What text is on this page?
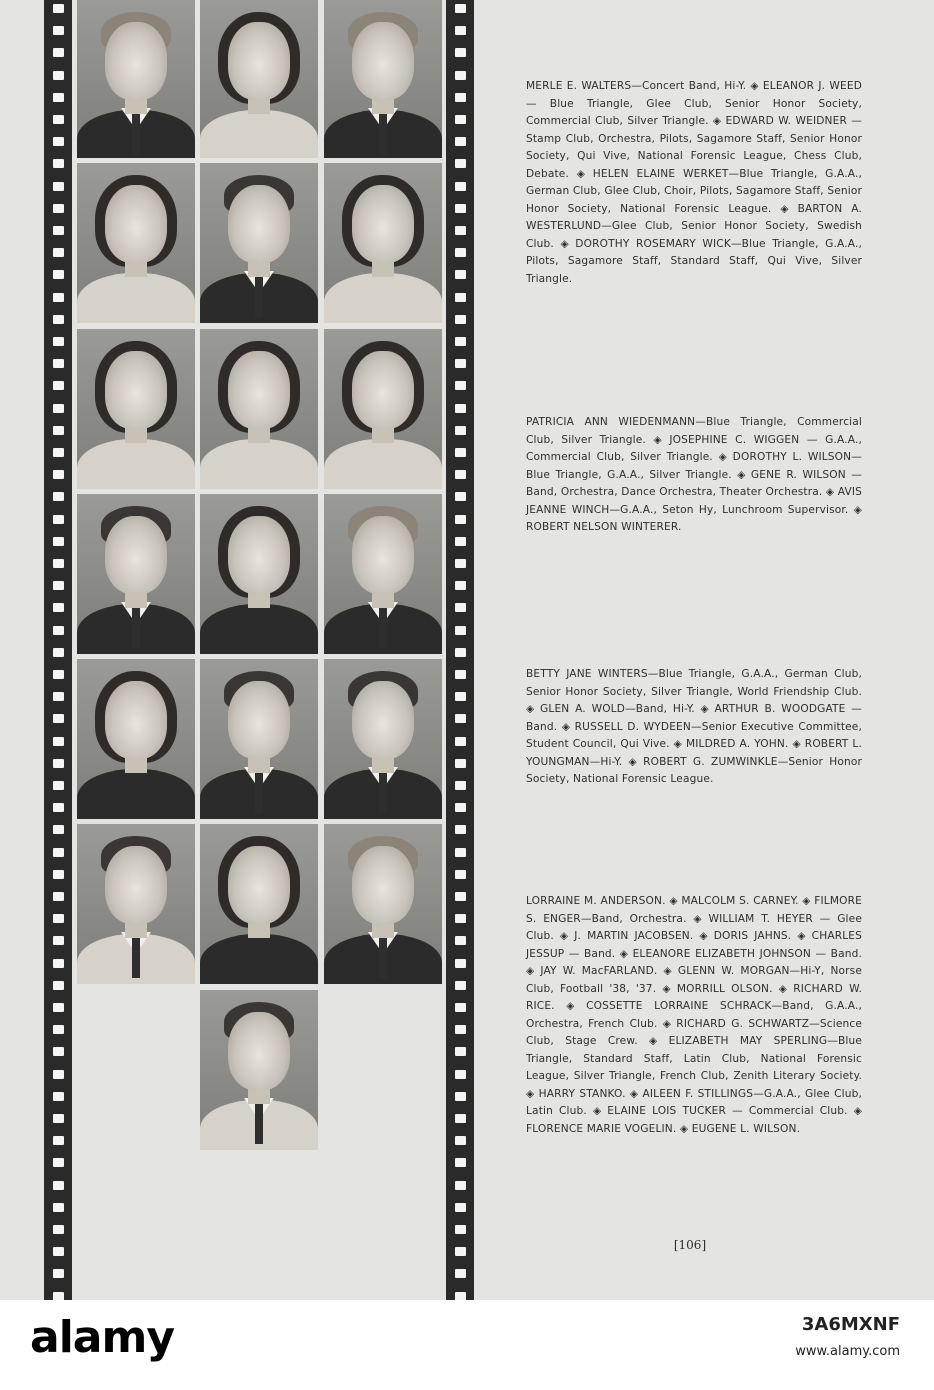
MERLE E. WALTERS—Concert Band, Hi-Y. ◈ ELEANOR J. WEED — Blue Triangle, Glee Club, Senior Honor Society, Commercial Club, Silver Triangle. ◈ EDWARD W. WEIDNER — Stamp Club, Orchestra, Pilots, Sagamore Staff, Senior Honor Society, Qui Vive, National Forensic League, Chess Club, Debate. ◈ HELEN ELAINE WERKET—Blue Triangle, G.A.A., German Club, Glee Club, Choir, Pilots, Sagamore Staff, Senior Honor Society, National Forensic League. ◈ BARTON A. WESTERLUND—Glee Club, Senior Honor Society, Swedish Club. ◈ DOROTHY ROSEMARY WICK—Blue Triangle, G.A.A., Pilots, Sagamore Staff, Standard Staff, Qui Vive, Silver Triangle.
PATRICIA ANN WIEDENMANN—Blue Triangle, Commercial Club, Silver Triangle. ◈ JOSEPHINE C. WIGGEN — G.A.A., Commercial Club, Silver Triangle. ◈ DOROTHY L. WILSON—Blue Triangle, G.A.A., Silver Triangle. ◈ GENE R. WILSON — Band, Orchestra, Dance Orchestra, Theater Orchestra. ◈ AVIS JEANNE WINCH—G.A.A., Seton Hy, Lunchroom Supervisor. ◈ ROBERT NELSON WINTERER.
BETTY JANE WINTERS—Blue Triangle, G.A.A., German Club, Senior Honor Society, Silver Triangle, World Friendship Club. ◈ GLEN A. WOLD—Band, Hi-Y. ◈ ARTHUR B. WOODGATE — Band. ◈ RUSSELL D. WYDEEN—Senior Executive Committee, Student Council, Qui Vive. ◈ MILDRED A. YOHN. ◈ ROBERT L. YOUNGMAN—Hi-Y. ◈ ROBERT G. ZUMWINKLE—Senior Honor Society, National Forensic League.
LORRAINE M. ANDERSON. ◈ MALCOLM S. CARNEY. ◈ FILMORE S. ENGER—Band, Orchestra. ◈ WILLIAM T. HEYER — Glee Club. ◈ J. MARTIN JACOBSEN. ◈ DORIS JAHNS. ◈ CHARLES JESSUP — Band. ◈ ELEANORE ELIZABETH JOHNSON — Band. ◈ JAY W. MacFARLAND. ◈ GLENN W. MORGAN—Hi-Y, Norse Club, Football '38, '37. ◈ MORRILL OLSON. ◈ RICHARD W. RICE. ◈ COSSETTE LORRAINE SCHRACK—Band, G.A.A., Orchestra, French Club. ◈ RICHARD G. SCHWARTZ—Science Club, Stage Crew. ◈ ELIZABETH MAY SPERLING—Blue Triangle, Standard Staff, Latin Club, National Forensic League, Silver Triangle, French Club, Zenith Literary Society. ◈ HARRY STANKO. ◈ AILEEN F. STILLINGS—G.A.A., Glee Club, Latin Club. ◈ ELAINE LOIS TUCKER — Commercial Club. ◈ FLORENCE MARIE VOGELIN. ◈ EUGENE L. WILSON.
[106]
alamy	3A6MXNF
www.alamy.com
